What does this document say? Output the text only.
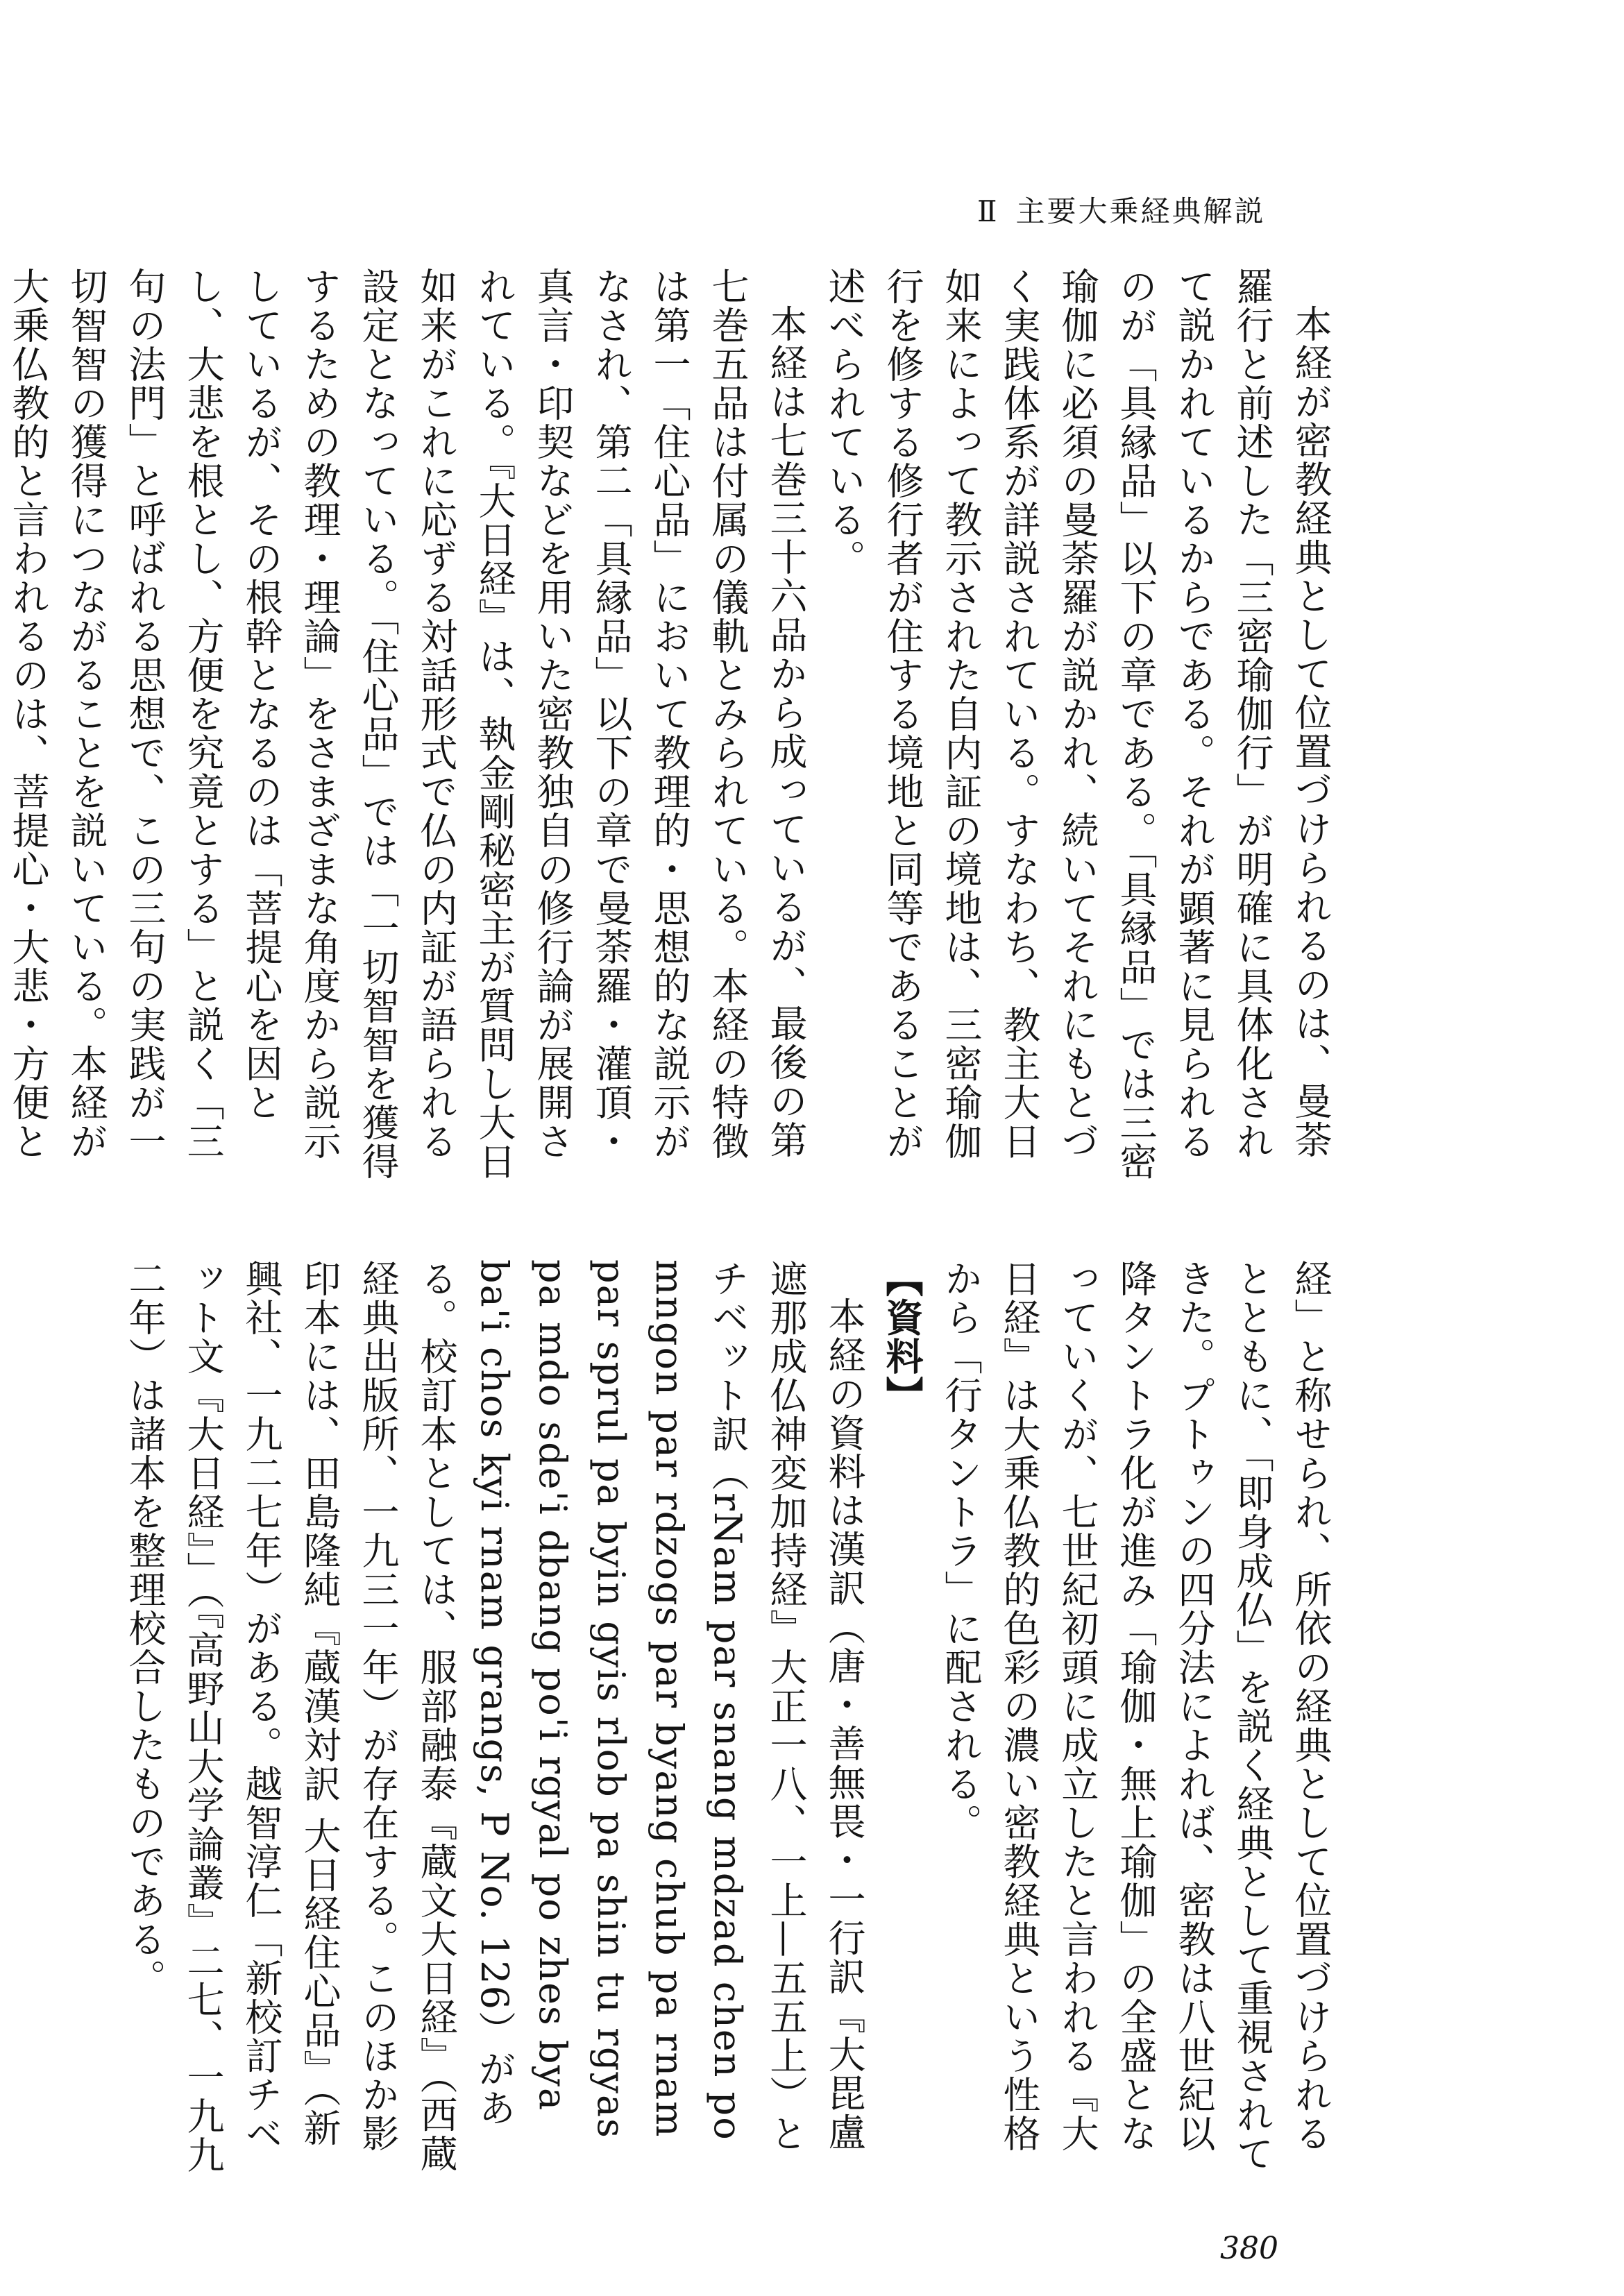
Ⅱ 主要大乗経典解説

本経が密教経典として位置づけられるのは、曼荼羅行と前述した「三密瑜伽行」が明確に具体化されて説かれているからである。それが顕著に見られるのが「具縁品」以下の章である。「具縁品」では三密瑜伽に必須の曼荼羅が説かれ、続いてそれにもとづく実践体系が詳説されている。すなわち、教主大日如来によって教示された自内証の境地は、三密瑜伽行を修する修行者が住する境地と同等であることが述べられている。

本経は七巻三十六品から成っているが、最後の第七巻五品は付属の儀軌とみられている。本経の特徴は第一「住心品」において教理的・思想的な説示がなされ、第二「具縁品」以下の章で曼荼羅・灌頂・真言・印契などを用いた密教独自の修行論が展開されている。『大日経』は、執金剛秘密主が質問し大日如来がこれに応ずる対話形式で仏の内証が語られる設定となっている。「住心品」では「一切智智を獲得するための教理・理論」をさまざまな角度から説示しているが、その根幹となるのは「菩提心を因とし、大悲を根とし、方便を究竟とする」と説く「三句の法門」と呼ばれる思想で、この三句の実践が一切智智の獲得につながることを説いている。本経が大乗仏教的と言われるのは、菩提心・大悲・方便と

経」と称せられ、所依の経典として位置づけられるとともに、「即身成仏」を説く経典として重視されてきた。プトゥンの四分法によれば、密教は八世紀以降タントラ化が進み「瑜伽・無上瑜伽」の全盛となっていくが、七世紀初頭に成立したと言われる『大日経』は大乗仏教的色彩の濃い密教経典という性格から「行タントラ」に配される。

【資料】

本経の資料は漢訳（唐・善無畏・一行訳『大毘盧遮那成仏神変加持経』大正一八、一上—五五上）とチベット訳（rNam par snang mdzad chen po mngon par rdzogs par byang chub pa rnam par sprul pa byin gyis rlob pa shin tu rgyas pa mdo sde'i dbang po'i rgyal po zhes bya ba'i chos kyi rnam grangs, P No. 126）がある。校訂本としては、服部融泰『蔵文大日経』（西蔵経典出版所、一九三一年）が存在する。このほか影印本には、田島隆純『蔵漢対訳 大日経住心品』（新興社、一九二七年）がある。越智淳仁「新校訂チベット文『大日経』」（『高野山大学論叢』二七、一九九二年）は諸本を整理校合したものである。

380
